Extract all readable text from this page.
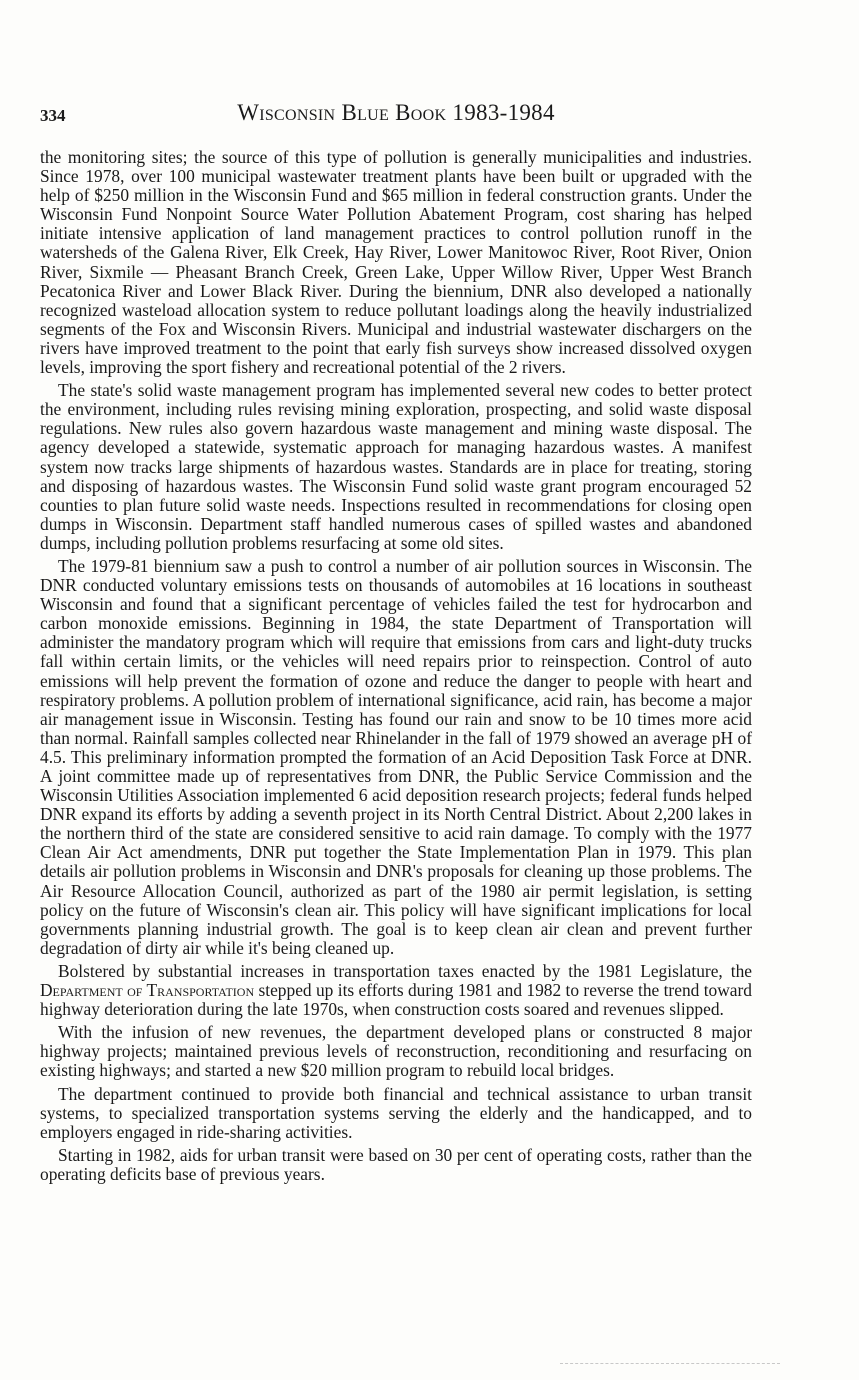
334	Wisconsin Blue Book 1983-1984

the monitoring sites; the source of this type of pollution is generally municipalities and industries. Since 1978, over 100 municipal wastewater treatment plants have been built or upgraded with the help of $250 million in the Wisconsin Fund and $65 million in federal construction grants. Under the Wisconsin Fund Nonpoint Source Water Pollution Abatement Program, cost sharing has helped initiate intensive application of land management practices to control pollution runoff in the watersheds of the Galena River, Elk Creek, Hay River, Lower Manitowoc River, Root River, Onion River, Sixmile — Pheasant Branch Creek, Green Lake, Upper Willow River, Upper West Branch Pecatonica River and Lower Black River. During the biennium, DNR also developed a nationally recognized wasteload allocation system to reduce pollutant loadings along the heavily industrialized segments of the Fox and Wisconsin Rivers. Municipal and industrial wastewater dischargers on the rivers have improved treatment to the point that early fish surveys show increased dissolved oxygen levels, improving the sport fishery and recreational potential of the 2 rivers.

The state's solid waste management program has implemented several new codes to better protect the environment, including rules revising mining exploration, prospecting, and solid waste disposal regulations. New rules also govern hazardous waste management and mining waste disposal. The agency developed a statewide, systematic approach for managing hazardous wastes. A manifest system now tracks large shipments of hazardous wastes. Standards are in place for treating, storing and disposing of hazardous wastes. The Wisconsin Fund solid waste grant program encouraged 52 counties to plan future solid waste needs. Inspections resulted in recommendations for closing open dumps in Wisconsin. Department staff handled numerous cases of spilled wastes and abandoned dumps, including pollution problems resurfacing at some old sites.

The 1979-81 biennium saw a push to control a number of air pollution sources in Wisconsin. The DNR conducted voluntary emissions tests on thousands of automobiles at 16 locations in southeast Wisconsin and found that a significant percentage of vehicles failed the test for hydrocarbon and carbon monoxide emissions. Beginning in 1984, the state Department of Transportation will administer the mandatory program which will require that emissions from cars and light-duty trucks fall within certain limits, or the vehicles will need repairs prior to reinspection. Control of auto emissions will help prevent the formation of ozone and reduce the danger to people with heart and respiratory problems. A pollution problem of international significance, acid rain, has become a major air management issue in Wisconsin. Testing has found our rain and snow to be 10 times more acid than normal. Rainfall samples collected near Rhinelander in the fall of 1979 showed an average pH of 4.5. This preliminary information prompted the formation of an Acid Deposition Task Force at DNR. A joint committee made up of representatives from DNR, the Public Service Commission and the Wisconsin Utilities Association implemented 6 acid deposition research projects; federal funds helped DNR expand its efforts by adding a seventh project in its North Central District. About 2,200 lakes in the northern third of the state are considered sensitive to acid rain damage. To comply with the 1977 Clean Air Act amendments, DNR put together the State Implementation Plan in 1979. This plan details air pollution problems in Wisconsin and DNR's proposals for cleaning up those problems. The Air Resource Allocation Council, authorized as part of the 1980 air permit legislation, is setting policy on the future of Wisconsin's clean air. This policy will have significant implications for local governments planning industrial growth. The goal is to keep clean air clean and prevent further degradation of dirty air while it's being cleaned up.

Bolstered by substantial increases in transportation taxes enacted by the 1981 Legislature, the Department of Transportation stepped up its efforts during 1981 and 1982 to reverse the trend toward highway deterioration during the late 1970s, when construction costs soared and revenues slipped.

With the infusion of new revenues, the department developed plans or constructed 8 major highway projects; maintained previous levels of reconstruction, reconditioning and resurfacing on existing highways; and started a new $20 million program to rebuild local bridges.

The department continued to provide both financial and technical assistance to urban transit systems, to specialized transportation systems serving the elderly and the handicapped, and to employers engaged in ride-sharing activities.

Starting in 1982, aids for urban transit were based on 30 per cent of operating costs, rather than the operating deficits base of previous years.
